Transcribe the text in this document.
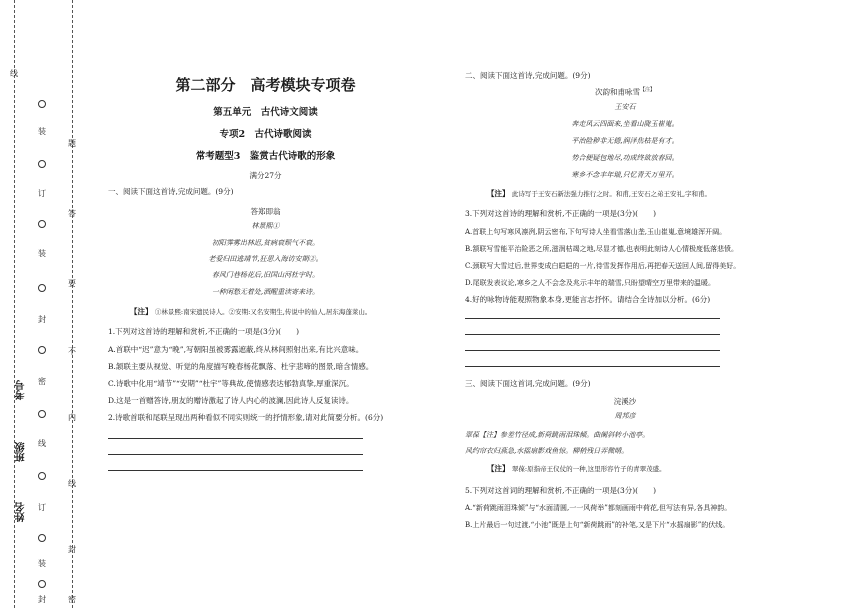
线
装
订
装
封
密
线
订
装
封
题
答
要
不
内
线
封
密
考号
班级
姓名
第二部分　高考模块专项卷
第五单元　古代诗文阅读
专项2　古代诗歌阅读
常考题型3　鉴赏古代诗歌的形象
满分27分
一、阅读下面这首诗,完成问题。(9分)
答郑即翁
林景熙①
初阳霁雾出林迟,贫病衰颓气不衰。
老爱归田逃靖节,狂思入海访安期②。
春风门巷杨花后,旧国山河杜宇时。
一种闲愁无着处,酒醒重读寄来诗。
【注】 ①林景熙:南宋遗民诗人。②安期:又名安期生,传说中的仙人,居东海蓬莱山。
1.下列对这首诗的理解和赏析,不正确的一项是(3分)(　　)
A.首联中“迟”意为“晚”,写朝阳虽被雾露遮蔽,终从林间照射出来,有比兴意味。
B.颔联主要从视觉、听觉的角度描写晚春杨花飘落、杜宇悲啼的图景,暗含情感。
C.诗歌中化用“靖节”“安期”“杜宇”等典故,使情感表达郁勃真挚,厚重深沉。
D.这是一首赠答诗,朋友的赠诗激起了诗人内心的波澜,因此诗人反复读诗。
2.诗歌首联和尾联呈现出两种看似不同实则统一的抒情形象,请对此简要分析。(6分)
二、阅读下面这首诗,完成问题。(9分)
次韵和甫咏雪$^{【注】}$
王安石
奔走风云四面来,坐看山陇玉崔嵬。
平治险秽非无德,润泽焦枯是有才。
势合便疑包地尽,功成终欲放春回。
寒乡不念丰年瑞,只忆青天万里开。
【注】 此诗写于王安石新法强力推行之时。和甫,王安石之弟王安礼,字和甫。
3.下列对这首诗的理解和赏析,不正确的一项是(3分)(　　)
A.首联上句写寒风凛冽,阴云密布,下句写诗人坐看雪落山垄,玉山崔嵬,意境雄浑开阔。
B.颔联写雪能平治险恶之所,滋润枯竭之地,尽显才德,也表明此刻诗人心情极度低落悲愤。
C.颈联写大雪过后,世界变成白皑皑的一片,待雪发挥作用后,再把春天送回人间,留得美好。
D.尾联发表议论,寒乡之人不会念及兆示丰年的瑞雪,只盼望晴空万里带来的温暖。
4.好的咏物诗能观照物象本身,更能言志抒怀。请结合全诗加以分析。(6分)
三、阅读下面这首词,完成问题。(9分)
浣溪沙
周邦彦
翠葆【注】参差竹径成,新荷跳雨泪珠倾。曲阑斜转小池亭。
风约帘衣归燕急,水摇扇影戏鱼惊。柳梢残日弄微晴。
【注】 翠葆:原指帝王仪仗的一种,这里形容竹子的青翠茂盛。
5.下列对这首词的理解和赏析,不正确的一项是(3分)(　　)
A.“新荷跳雨泪珠倾”与“水面清圆,一一风荷举”都刻画雨中荷花,但写法有异,各具神韵。
B.上片最后一句过渡,“小池”既是上句“新荷跳雨”的补笔,又是下片“水摇扇影”的伏线。
